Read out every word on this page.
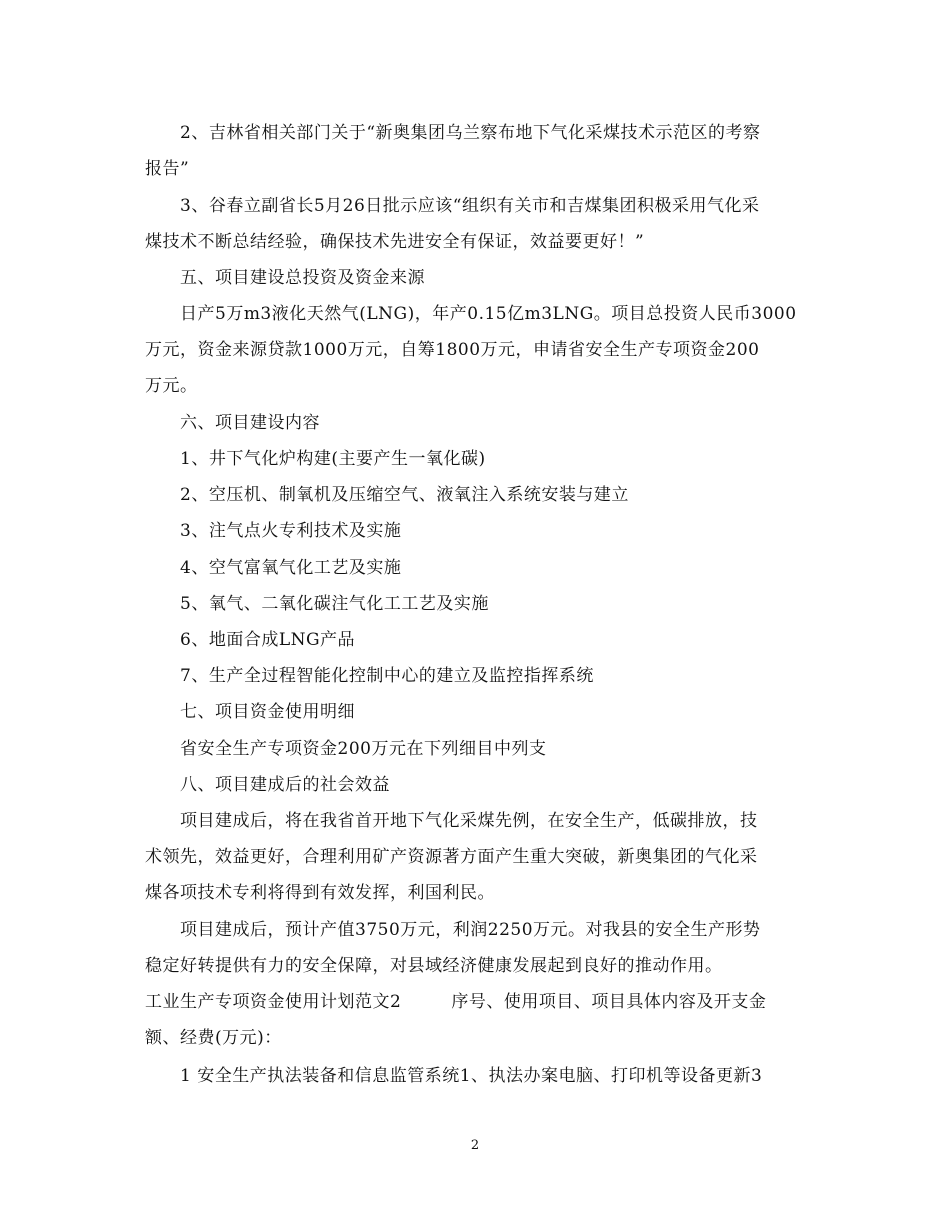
2、吉林省相关部门关于“新奥集团乌兰察布地下气化采煤技术示范区的考察
报告”
3、谷春立副省长5月26日批示应该“组织有关市和吉煤集团积极采用气化采
煤技术不断总结经验，确保技术先进安全有保证，效益要更好！”
五、项目建设总投资及资金来源
日产5万m3液化天然气(LNG)，年产0.15亿m3LNG。项目总投资人民币3000
万元，资金来源贷款1000万元，自筹1800万元，申请省安全生产专项资金200
万元。
六、项目建设内容
1、井下气化炉构建(主要产生一氧化碳)
2、空压机、制氧机及压缩空气、液氧注入系统安装与建立
3、注气点火专利技术及实施
4、空气富氧气化工艺及实施
5、氧气、二氧化碳注气化工工艺及实施
6、地面合成LNG产品
7、生产全过程智能化控制中心的建立及监控指挥系统
七、项目资金使用明细
省安全生产专项资金200万元在下列细目中列支
八、项目建成后的社会效益
项目建成后，将在我省首开地下气化采煤先例，在安全生产，低碳排放，技
术领先，效益更好，合理利用矿产资源著方面产生重大突破，新奥集团的气化采
煤各项技术专利将得到有效发挥，利国利民。
项目建成后，预计产值3750万元，利润2250万元。对我县的安全生产形势
稳定好转提供有力的安全保障，对县域经济健康发展起到良好的推动作用。
工业生产专项资金使用计划范文2	序号、使用项目、项目具体内容及开支金
额、经费(万元)：
1 安全生产执法装备和信息监管系统1、执法办案电脑、打印机等设备更新3
2
